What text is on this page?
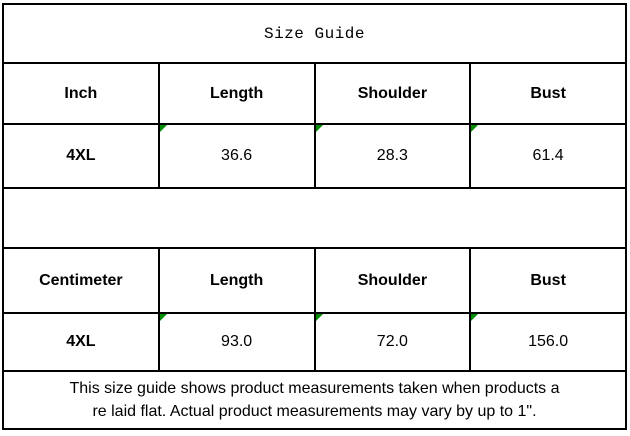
Size Guide			
Inch	Length	Shoulder	Bust
4XL	36.6	28.3	61.4

Centimeter	Length	Shoulder	Bust
4XL	93.0	72.0	156.0

This size guide shows product measurements taken when products a
re laid flat. Actual product measurements may vary by up to 1".			
